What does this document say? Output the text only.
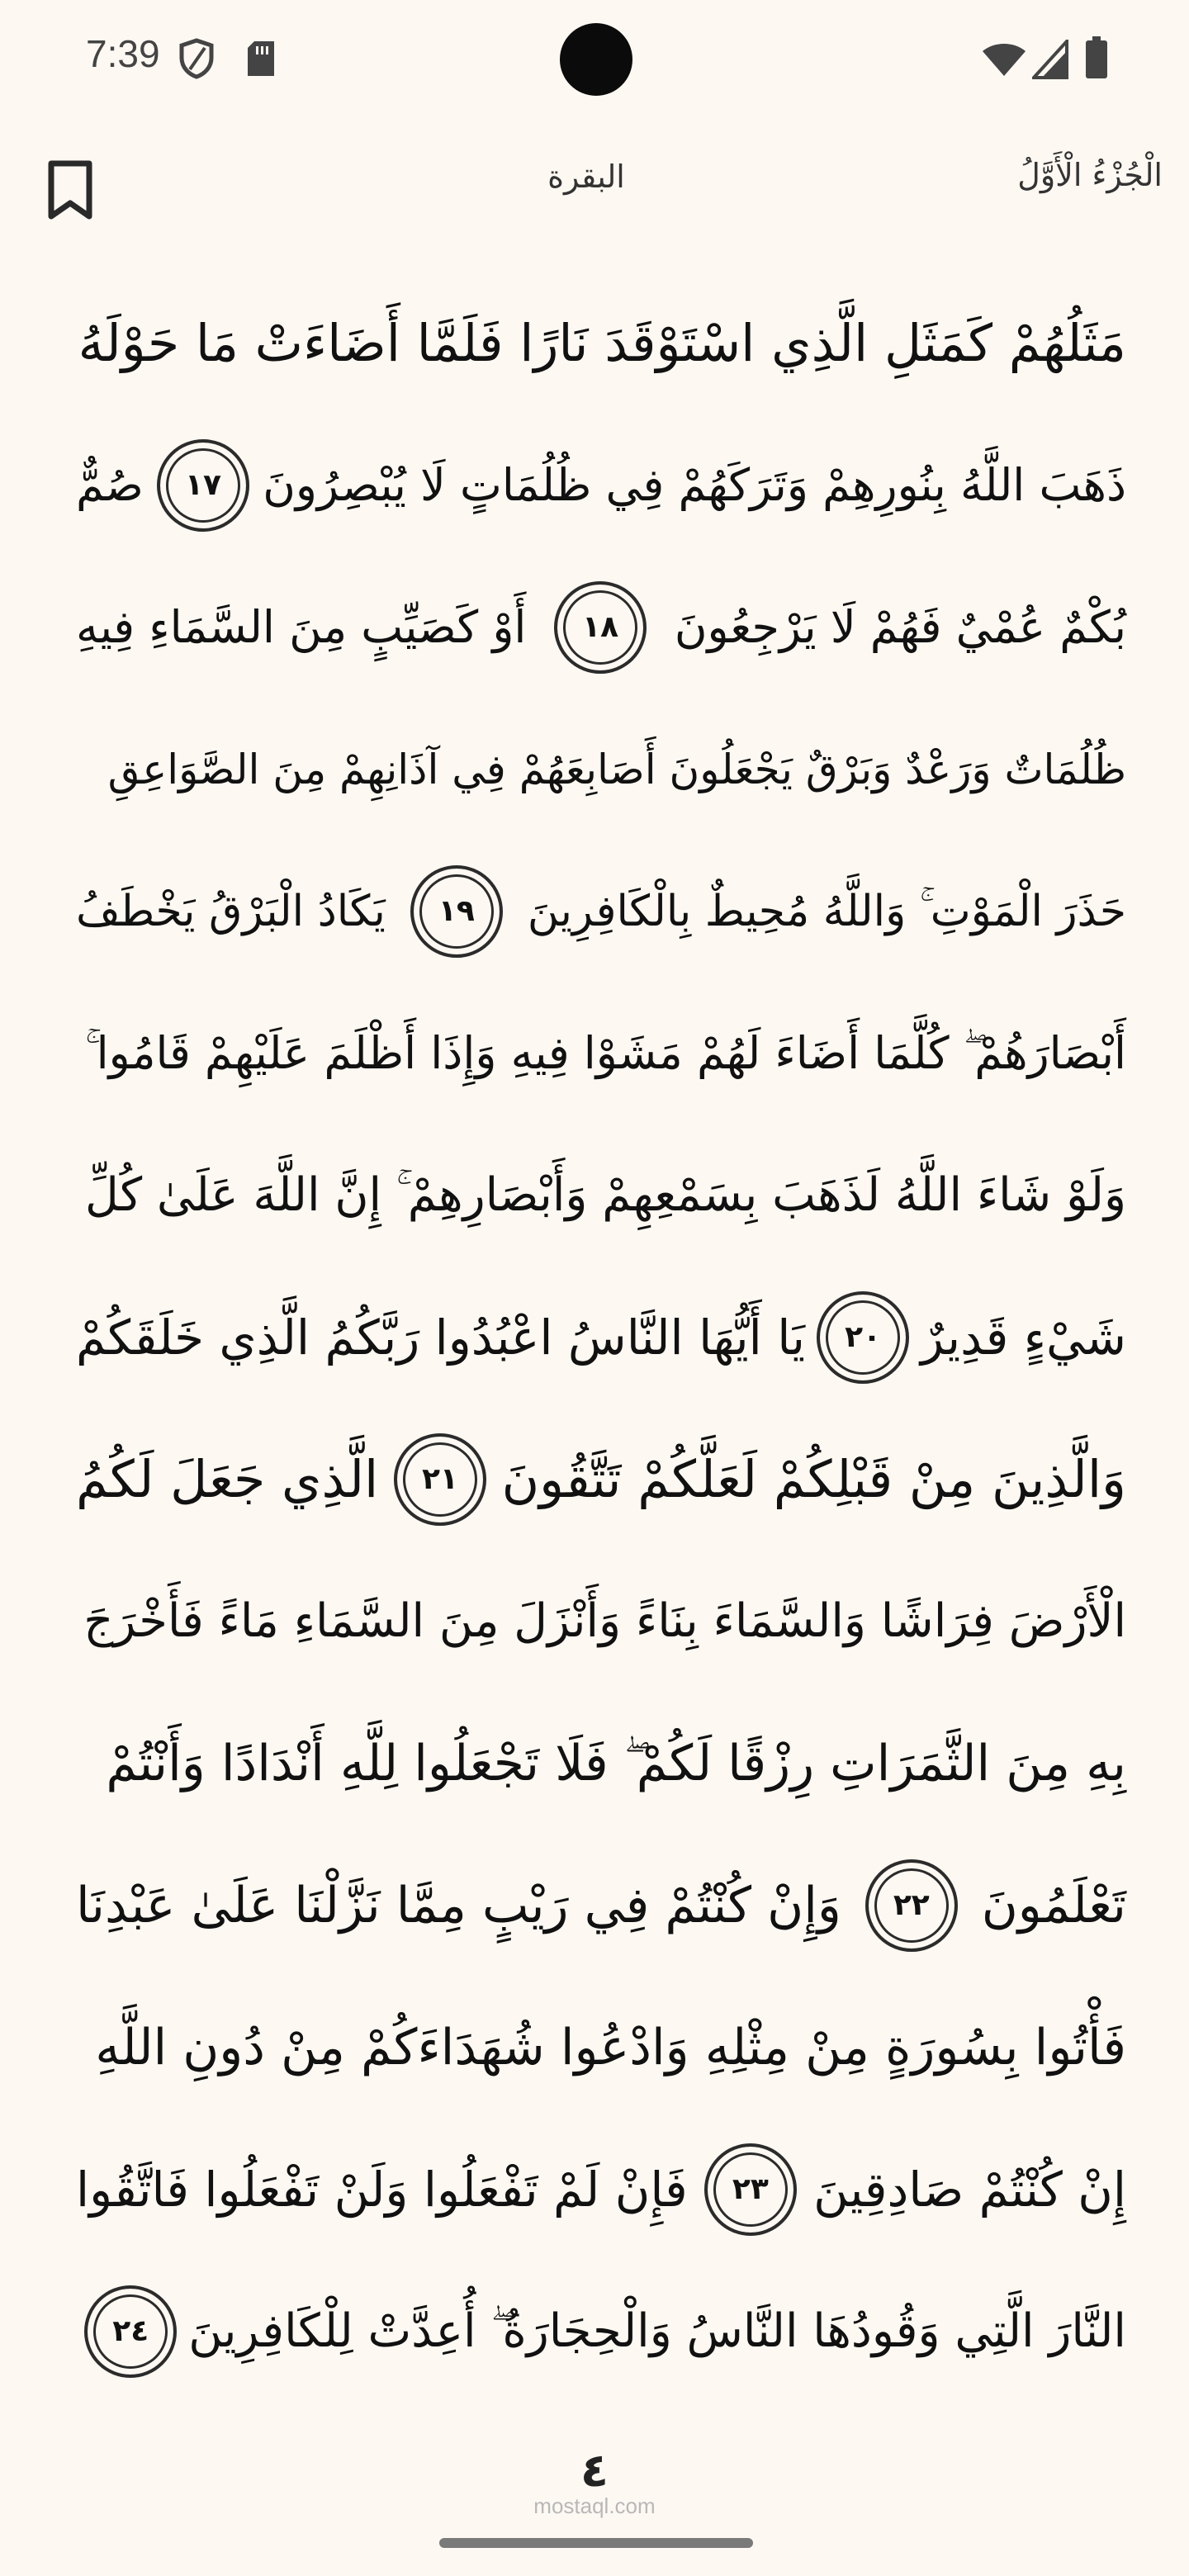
7:39
البقرة	الْجُزْءُ الْأَوَّلُ
مَثَلُهُمْ كَمَثَلِ الَّذِي اسْتَوْقَدَ نَارًا فَلَمَّا أَضَاءَتْ مَا حَوْلَهُ
ذَهَبَ اللَّهُ بِنُورِهِمْ وَتَرَكَهُمْ فِي ظُلُمَاتٍ لَا يُبْصِرُونَ
١٧
صُمٌّ
بُكْمٌ عُمْيٌ فَهُمْ لَا يَرْجِعُونَ
١٨
أَوْ كَصَيِّبٍ مِنَ السَّمَاءِ فِيهِ
ظُلُمَاتٌ وَرَعْدٌ وَبَرْقٌ يَجْعَلُونَ أَصَابِعَهُمْ فِي آذَانِهِمْ مِنَ الصَّوَاعِقِ
حَذَرَ الْمَوْتِ ۚ وَاللَّهُ مُحِيطٌ بِالْكَافِرِينَ
١٩
يَكَادُ الْبَرْقُ يَخْطَفُ
أَبْصَارَهُمْ ۖ كُلَّمَا أَضَاءَ لَهُمْ مَشَوْا فِيهِ وَإِذَا أَظْلَمَ عَلَيْهِمْ قَامُوا ۚ
وَلَوْ شَاءَ اللَّهُ لَذَهَبَ بِسَمْعِهِمْ وَأَبْصَارِهِمْ ۚ إِنَّ اللَّهَ عَلَىٰ كُلِّ
شَيْءٍ قَدِيرٌ
٢٠
يَا أَيُّهَا النَّاسُ اعْبُدُوا رَبَّكُمُ الَّذِي خَلَقَكُمْ
وَالَّذِينَ مِنْ قَبْلِكُمْ لَعَلَّكُمْ تَتَّقُونَ
٢١
الَّذِي جَعَلَ لَكُمُ
الْأَرْضَ فِرَاشًا وَالسَّمَاءَ بِنَاءً وَأَنْزَلَ مِنَ السَّمَاءِ مَاءً فَأَخْرَجَ
بِهِ مِنَ الثَّمَرَاتِ رِزْقًا لَكُمْ ۖ فَلَا تَجْعَلُوا لِلَّهِ أَنْدَادًا وَأَنْتُمْ
تَعْلَمُونَ
٢٢
وَإِنْ كُنْتُمْ فِي رَيْبٍ مِمَّا نَزَّلْنَا عَلَىٰ عَبْدِنَا
فَأْتُوا بِسُورَةٍ مِنْ مِثْلِهِ وَادْعُوا شُهَدَاءَكُمْ مِنْ دُونِ اللَّهِ
إِنْ كُنْتُمْ صَادِقِينَ
٢٣
فَإِنْ لَمْ تَفْعَلُوا وَلَنْ تَفْعَلُوا فَاتَّقُوا
النَّارَ الَّتِي وَقُودُهَا النَّاسُ وَالْحِجَارَةُ ۖ أُعِدَّتْ لِلْكَافِرِينَ
٢٤
٤
mostaql.com
